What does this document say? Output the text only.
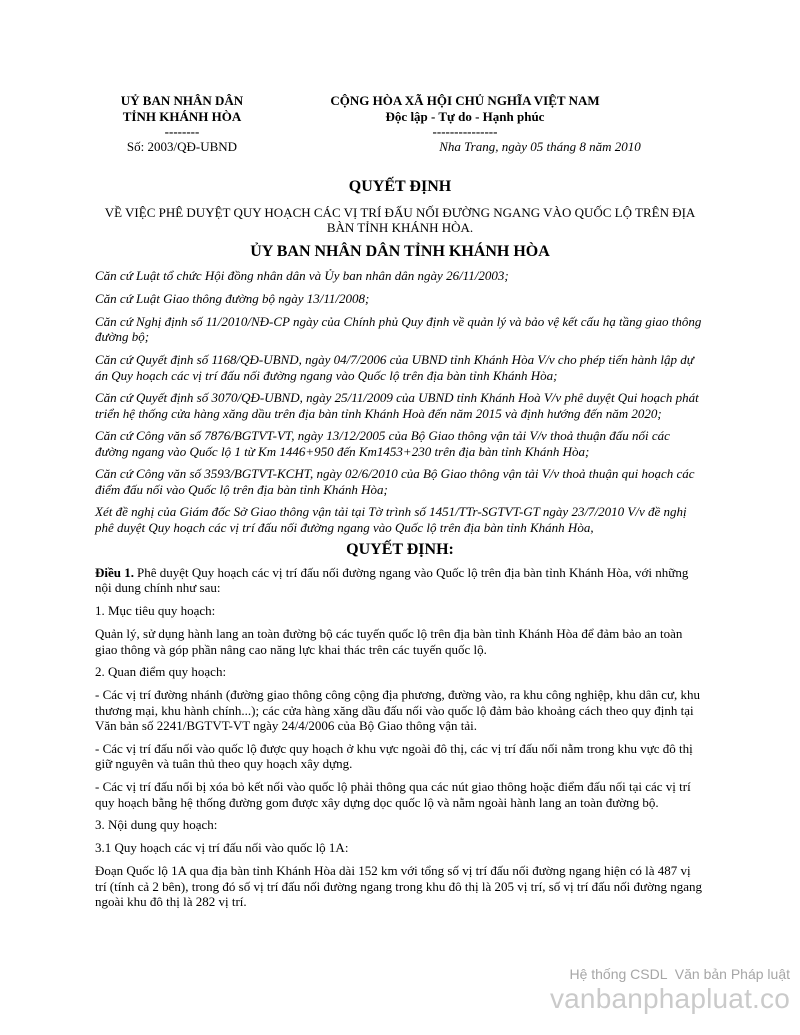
UỶ BAN NHÂN DÂN
TỈNH KHÁNH HÒA
--------
Số: 2003/QĐ-UBND
CỘNG HÒA XÃ HỘI CHỦ NGHĨA VIỆT NAM
Độc lập - Tự do - Hạnh phúc
---------------
Nha Trang, ngày 05 tháng 8 năm 2010
QUYẾT ĐỊNH
VỀ VIỆC PHÊ DUYỆT QUY HOẠCH CÁC VỊ TRÍ ĐẤU NỐI ĐƯỜNG NGANG VÀO QUỐC LỘ TRÊN ĐỊA
BÀN TỈNH KHÁNH HÒA.
ỦY BAN NHÂN DÂN TỈNH KHÁNH HÒA
Căn cứ Luật tổ chức Hội đồng nhân dân và Ủy ban nhân dân ngày 26/11/2003;
Căn cứ Luật Giao thông đường bộ ngày 13/11/2008;
Căn cứ Nghị định số 11/2010/NĐ-CP ngày của Chính phủ Quy định về quản lý và bảo vệ kết cấu hạ tầng giao thông
đường bộ;
Căn cứ Quyết định số 1168/QĐ-UBND, ngày 04/7/2006 của UBND tỉnh Khánh Hòa V/v cho phép tiến hành lập dự
án Quy hoạch các vị trí đấu nối đường ngang vào Quốc lộ trên địa bàn tỉnh Khánh Hòa;
Căn cứ Quyết định số 3070/QĐ-UBND, ngày 25/11/2009 của UBND tỉnh Khánh Hoà V/v phê duyệt Qui hoạch phát
triển hệ thống cửa hàng xăng dầu trên địa bàn tỉnh Khánh Hoà đến năm 2015 và định hướng đến năm 2020;
Căn cứ Công văn số 7876/BGTVT-VT, ngày 13/12/2005 của Bộ Giao thông vận tải V/v thoả thuận đấu nối các
đường ngang vào Quốc lộ 1 từ Km 1446+950 đến Km1453+230 trên địa bàn tỉnh Khánh Hòa;
Căn cứ Công văn số 3593/BGTVT-KCHT, ngày 02/6/2010 của Bộ Giao thông vận tải V/v thoả thuận qui hoạch các
điểm đấu nối vào Quốc lộ trên địa bàn tỉnh Khánh Hòa;
Xét đề nghị của Giám đốc Sở Giao thông vận tải tại Tờ trình số 1451/TTr-SGTVT-GT ngày 23/7/2010 V/v đề nghị
phê duyệt Quy hoạch các vị trí đấu nối đường ngang vào Quốc lộ trên địa bàn tỉnh Khánh Hòa,
QUYẾT ĐỊNH:
Điều 1. Phê duyệt Quy hoạch các vị trí đấu nối đường ngang vào Quốc lộ trên địa bàn tỉnh Khánh Hòa, với những
nội dung chính như sau:
1. Mục tiêu quy hoạch:
Quản lý, sử dụng hành lang an toàn đường bộ các tuyến quốc lộ trên địa bàn tỉnh Khánh Hòa để đảm bảo an toàn
giao thông và góp phần nâng cao năng lực khai thác trên các tuyến quốc lộ.
2. Quan điểm quy hoạch:
- Các vị trí đường nhánh (đường giao thông công cộng địa phương, đường vào, ra khu công nghiệp, khu dân cư, khu
thương mại, khu hành chính...); các cửa hàng xăng dầu đấu nối vào quốc lộ đảm bảo khoảng cách theo quy định tại
Văn bản số 2241/BGTVT-VT ngày 24/4/2006 của Bộ Giao thông vận tải.
- Các vị trí đấu nối vào quốc lộ được quy hoạch ở khu vực ngoài đô thị, các vị trí đấu nối nằm trong khu vực đô thị
giữ nguyên và tuân thủ theo quy hoạch xây dựng.
- Các vị trí đấu nối bị xóa bỏ kết nối vào quốc lộ phải thông qua các nút giao thông hoặc điểm đấu nối tại các vị trí
quy hoạch bằng hệ thống đường gom được xây dựng dọc quốc lộ và nằm ngoài hành lang an toàn đường bộ.
3. Nội dung quy hoạch:
3.1 Quy hoạch các vị trí đấu nối vào quốc lộ 1A:
Đoạn Quốc lộ 1A qua địa bàn tỉnh Khánh Hòa dài 152 km với tổng số vị trí đấu nối đường ngang hiện có là 487 vị
trí (tính cả 2 bên), trong đó số vị trí đấu nối đường ngang trong khu đô thị là 205 vị trí, số vị trí đấu nối đường ngang
ngoài khu đô thị là 282 vị trí.
Hệ thống CSDL  Văn bản Pháp luật
vanbanphapluat.co
